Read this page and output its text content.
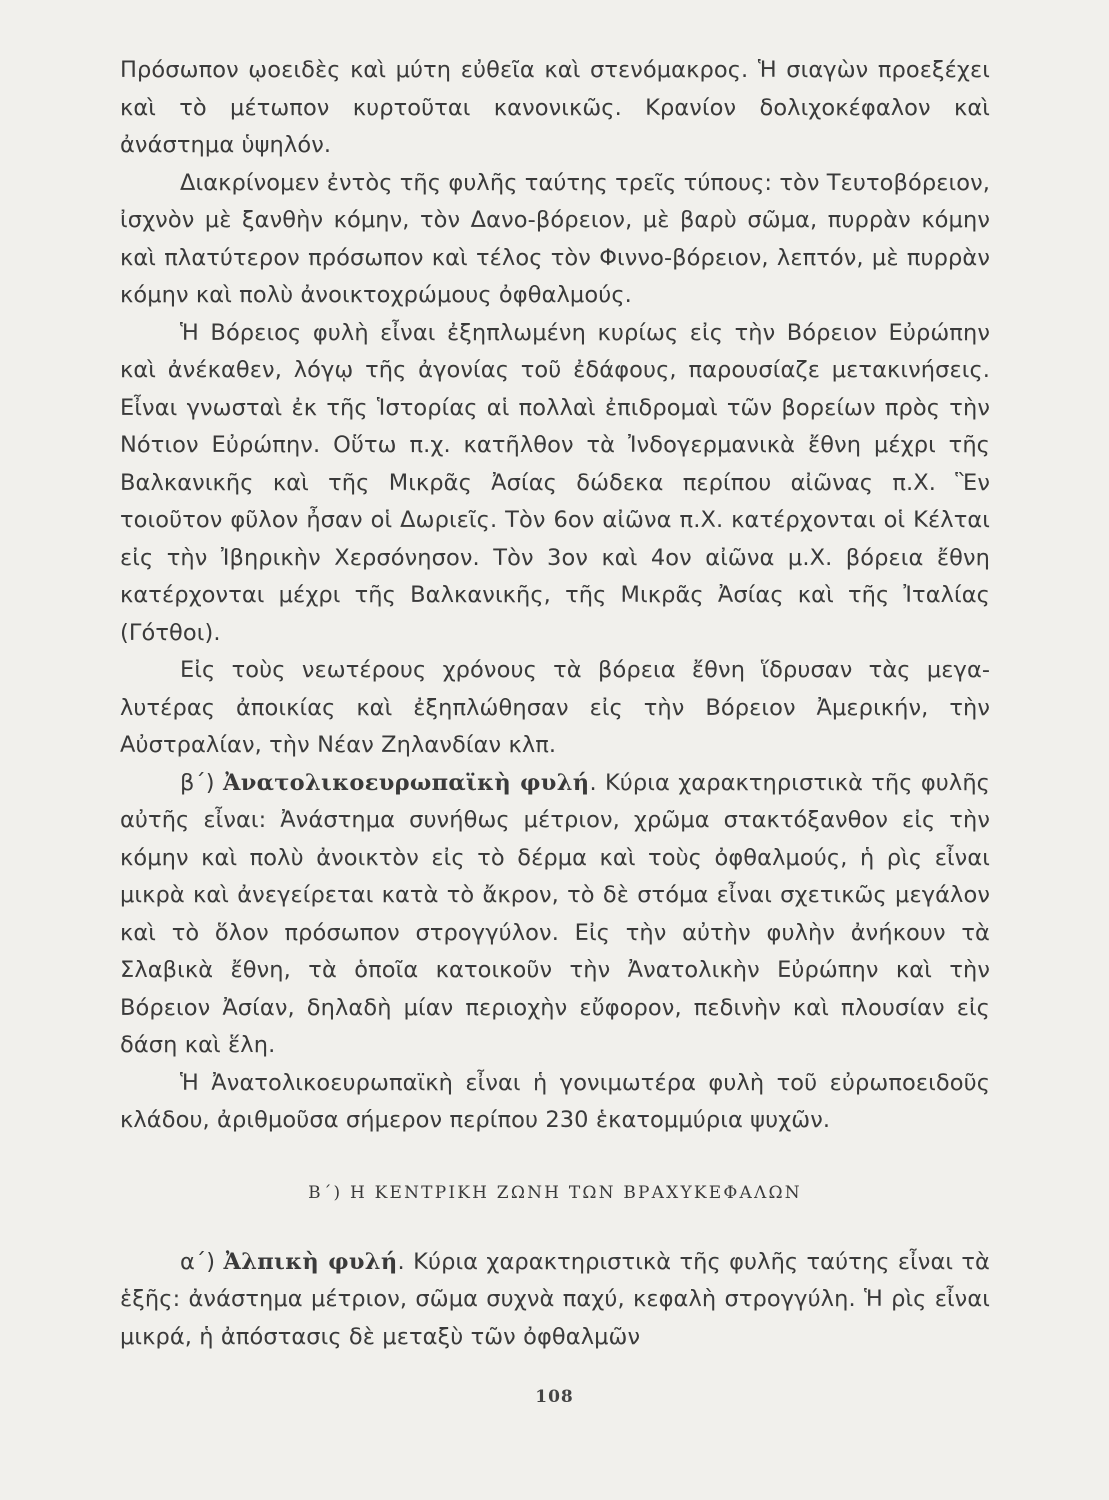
Πρόσωπον ῳοειδὲς καὶ μύτη εὐθεῖα καὶ στενόμακρος. Ἡ σιαγὼν προεξέχει καὶ τὸ μέτωπον κυρτοῦται κανονικῶς. Κρανίον δολιχοκέφαλον καὶ ἀνάστημα ὑψηλόν.

Διακρίνομεν ἐντὸς τῆς φυλῆς ταύτης τρεῖς τύπους: τὸν Τευτοβόρειον, ἰσχνὸν μὲ ξανθὴν κόμην, τὸν Δανο-βόρειον, μὲ βαρὺ σῶμα, πυρρὰν κόμην καὶ πλατύτερον πρόσωπον καὶ τέλος τὸν Φιννο-βόρειον, λεπτόν, μὲ πυρρὰν κόμην καὶ πολὺ ἀνοικτοχρώμους ὀφθαλμούς.

Ἡ Βόρειος φυλὴ εἶναι ἐξηπλωμένη κυρίως εἰς τὴν Βόρειον Εὐρώπην καὶ ἀνέκαθεν, λόγῳ τῆς ἀγονίας τοῦ ἐδάφους, παρουσίαζε μετακινήσεις. Εἶναι γνωσταὶ ἐκ τῆς Ἱστορίας αἱ πολλαὶ ἐπιδρομαὶ τῶν βορείων πρὸς τὴν Νότιον Εὐρώπην. Οὕτω π.χ. κατῆλθον τὰ Ἰνδογερμανικὰ ἔθνη μέχρι τῆς Βαλκανικῆς καὶ τῆς Μικρᾶς Ἀσίας δώδεκα περίπου αἰῶνας π.Χ. Ἓν τοιοῦτον φῦλον ἦσαν οἱ Δωριεῖς. Τὸν 6ον αἰῶνα π.Χ. κατέρχονται οἱ Κέλται εἰς τὴν Ἰβηρικὴν Χερσόνησον. Τὸν 3ον καὶ 4ον αἰῶνα μ.Χ. βόρεια ἔθνη κατέρχονται μέχρι τῆς Βαλκανικῆς, τῆς Μικρᾶς Ἀσίας καὶ τῆς Ἰταλίας (Γότθοι).

Εἰς τοὺς νεωτέρους χρόνους τὰ βόρεια ἔθνη ἵδρυσαν τὰς μεγαλυτέρας ἀποικίας καὶ ἐξηπλώθησαν εἰς τὴν Βόρειον Ἀμερικήν, τὴν Αὐστραλίαν, τὴν Νέαν Ζηλανδίαν κλπ.

β΄) Ἀνατολικοευρωπαϊκὴ φυλή. Κύρια χαρακτηριστικὰ τῆς φυλῆς αὐτῆς εἶναι: Ἀνάστημα συνήθως μέτριον, χρῶμα στακτόξανθον εἰς τὴν κόμην καὶ πολὺ ἀνοικτὸν εἰς τὸ δέρμα καὶ τοὺς ὀφθαλμούς, ἡ ρὶς εἶναι μικρὰ καὶ ἀνεγείρεται κατὰ τὸ ἄκρον, τὸ δὲ στόμα εἶναι σχετικῶς μεγάλον καὶ τὸ ὅλον πρόσωπον στρογγύλον. Εἰς τὴν αὐτὴν φυλὴν ἀνήκουν τὰ Σλαβικὰ ἔθνη, τὰ ὁποῖα κατοικοῦν τὴν Ἀνατολικὴν Εὐρώπην καὶ τὴν Βόρειον Ἀσίαν, δηλαδὴ μίαν περιοχὴν εὔφορον, πεδινὴν καὶ πλουσίαν εἰς δάση καὶ ἕλη.

Ἡ Ἀνατολικοευρωπαϊκὴ εἶναι ἡ γονιμωτέρα φυλὴ τοῦ εὐρωποειδοῦς κλάδου, ἀριθμοῦσα σήμερον περίπου 230 ἑκατομμύρια ψυχῶν.

Β΄) Η ΚΕΝΤΡΙΚΗ ΖΩΝΗ ΤΩΝ ΒΡΑΧΥΚΕΦΑΛΩΝ

α΄) Ἀλπικὴ φυλή. Κύρια χαρακτηριστικὰ τῆς φυλῆς ταύτης εἶναι τὰ ἑξῆς: ἀνάστημα μέτριον, σῶμα συχνὰ παχύ, κεφαλὴ στρογγύλη. Ἡ ρὶς εἶναι μικρά, ἡ ἀπόστασις δὲ μεταξὺ τῶν ὀφθαλμῶν

108
